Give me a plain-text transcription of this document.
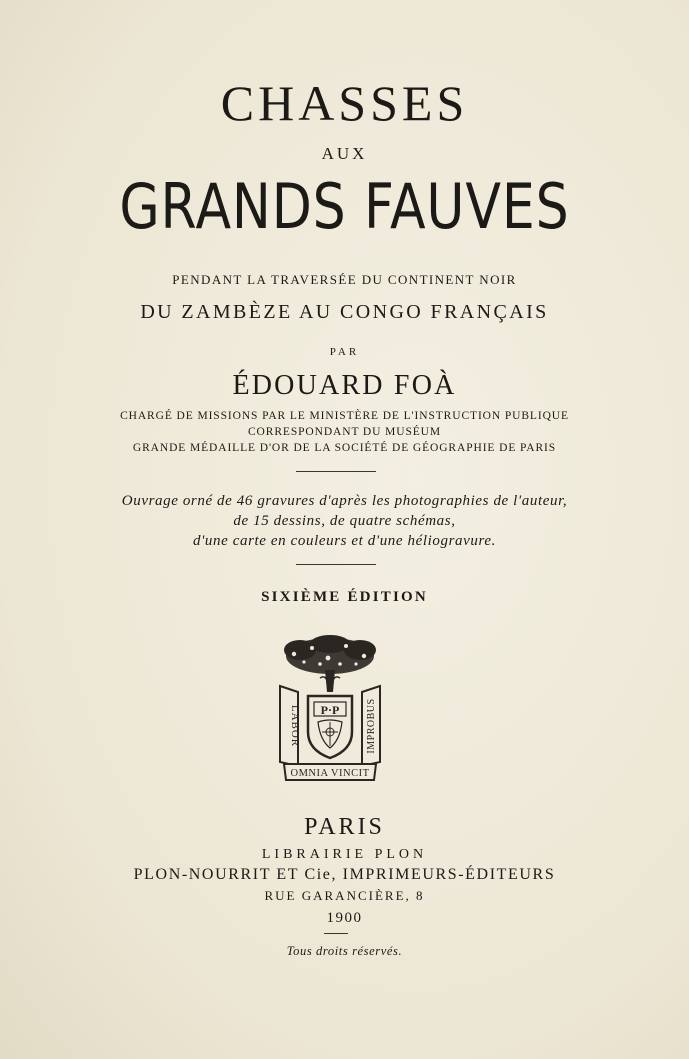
CHASSES
AUX
GRANDS FAUVES
PENDANT LA TRAVERSÉE DU CONTINENT NOIR
DU ZAMBÈZE AU CONGO FRANÇAIS
PAR
ÉDOUARD FOÀ
CHARGÉ DE MISSIONS PAR LE MINISTÈRE DE L'INSTRUCTION PUBLIQUE
CORRESPONDANT DU MUSÉUM
GRANDE MÉDAILLE D'OR DE LA SOCIÉTÉ DE GÉOGRAPHIE DE PARIS
Ouvrage orné de 46 gravures d'après les photographies de l'auteur,
de 15 dessins, de quatre schémas,
d'une carte en couleurs et d'une héliogravure.
SIXIÈME ÉDITION
P·P
LABOR	IMPROBUS
OMNIA VINCIT
PARIS
LIBRAIRIE PLON
PLON-NOURRIT ET Cie, IMPRIMEURS-ÉDITEURS
RUE GARANCIÈRE, 8
1900
Tous droits réservés.
